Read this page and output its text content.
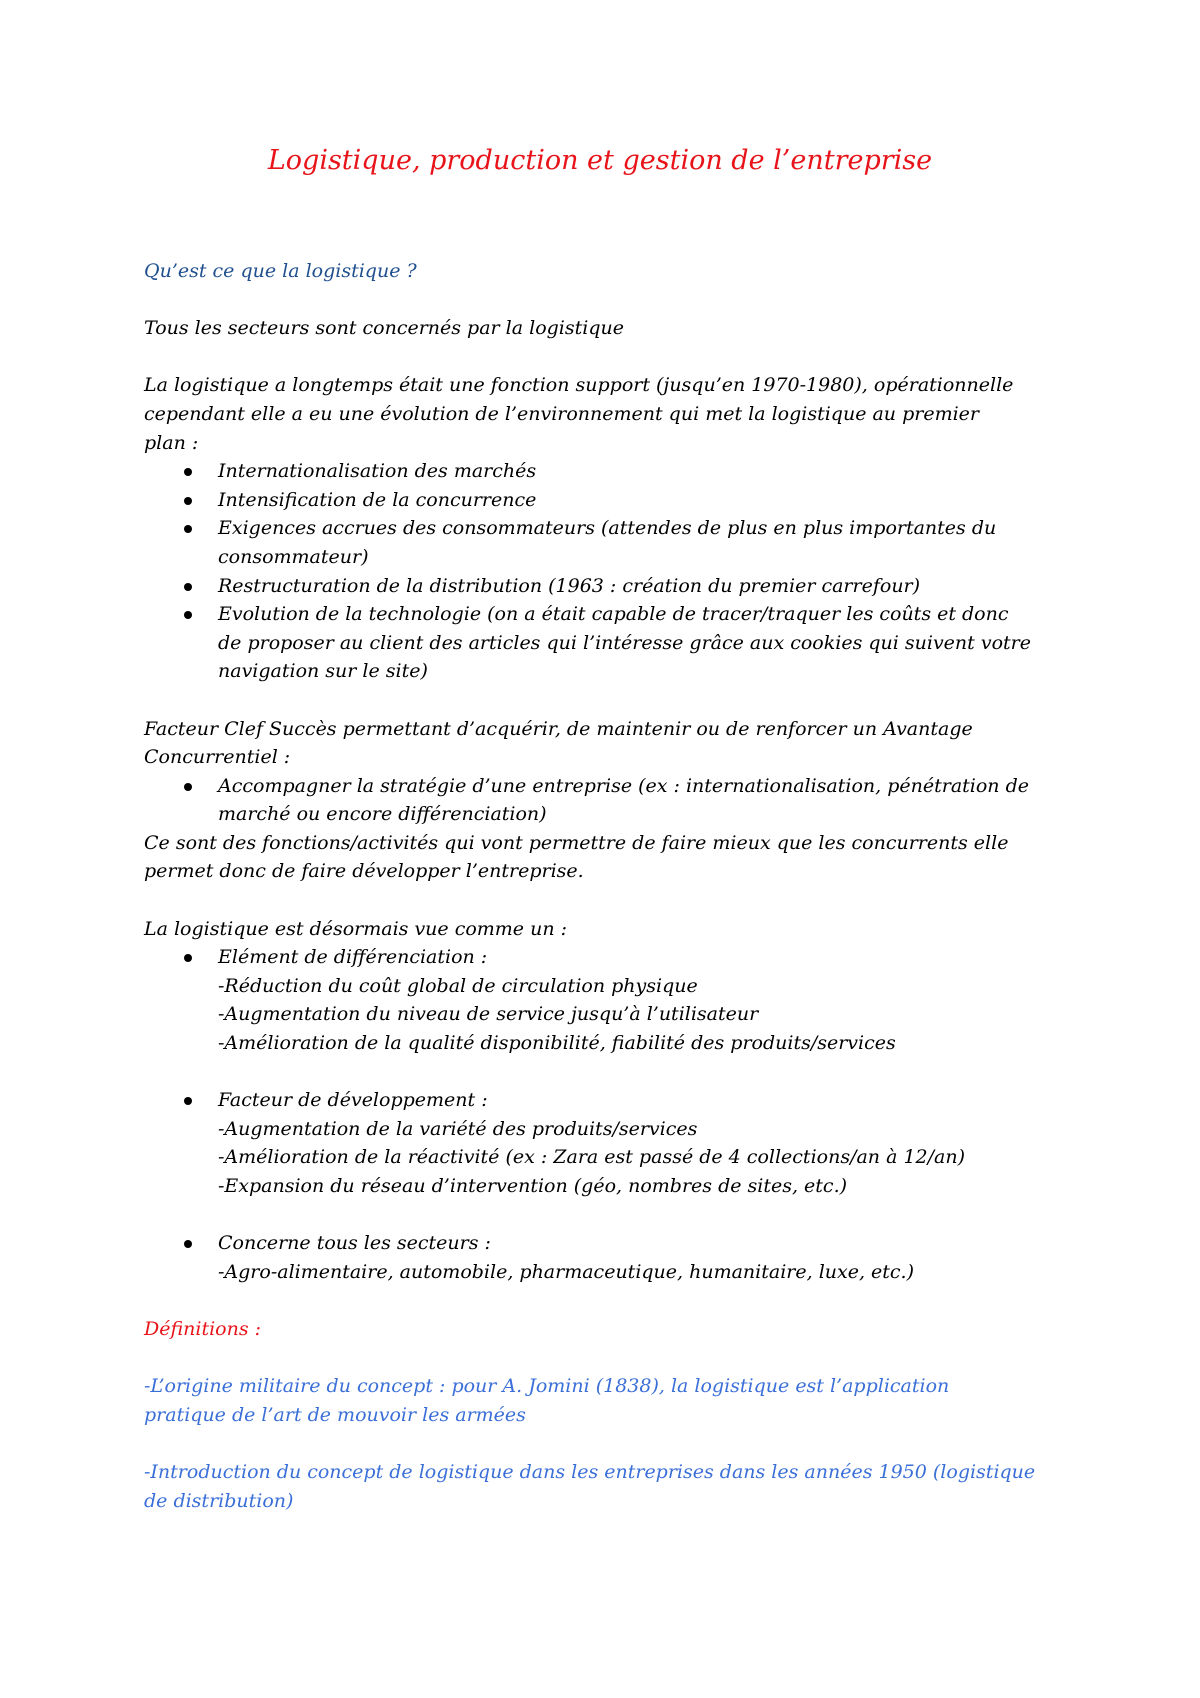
Logistique, production et gestion de l’entreprise

Qu’est ce que la logistique ?

Tous les secteurs sont concernés par la logistique

La logistique a longtemps était une fonction support (jusqu’en 1970-1980), opérationnelle

cependant elle a eu une évolution de l’environnement qui met la logistique au premier

plan :

Internationalisation des marchés
Intensification de la concurrence
Exigences accrues des consommateurs (attendes de plus en plus importantes du
consommateur)
Restructuration de la distribution (1963 : création du premier carrefour)
Evolution de la technologie (on a était capable de tracer/traquer les coûts et donc
de proposer au client des articles qui l’intéresse grâce aux cookies qui suivent votre
navigation sur le site)

Facteur Clef Succès permettant d’acquérir, de maintenir ou de renforcer un Avantage

Concurrentiel :

Accompagner la stratégie d’une entreprise (ex : internationalisation, pénétration de
marché ou encore différenciation)

Ce sont des fonctions/activités qui vont permettre de faire mieux que les concurrents elle

permet donc de faire développer l’entreprise.

La logistique est désormais vue comme un :

Elément de différenciation :
-Réduction du coût global de circulation physique
-Augmentation du niveau de service jusqu’à l’utilisateur
-Amélioration de la qualité disponibilité, fiabilité des produits/services
Facteur de développement :
-Augmentation de la variété des produits/services
-Amélioration de la réactivité (ex : Zara est passé de 4 collections/an à 12/an)
-Expansion du réseau d’intervention (géo, nombres de sites, etc.)
Concerne tous les secteurs :
-Agro-alimentaire, automobile, pharmaceutique, humanitaire, luxe, etc.)

Définitions :

-L’origine militaire du concept : pour A. Jomini (1838), la logistique est l’application

pratique de l’art de mouvoir les armées

-Introduction du concept de logistique dans les entreprises dans les années 1950 (logistique

de distribution)
